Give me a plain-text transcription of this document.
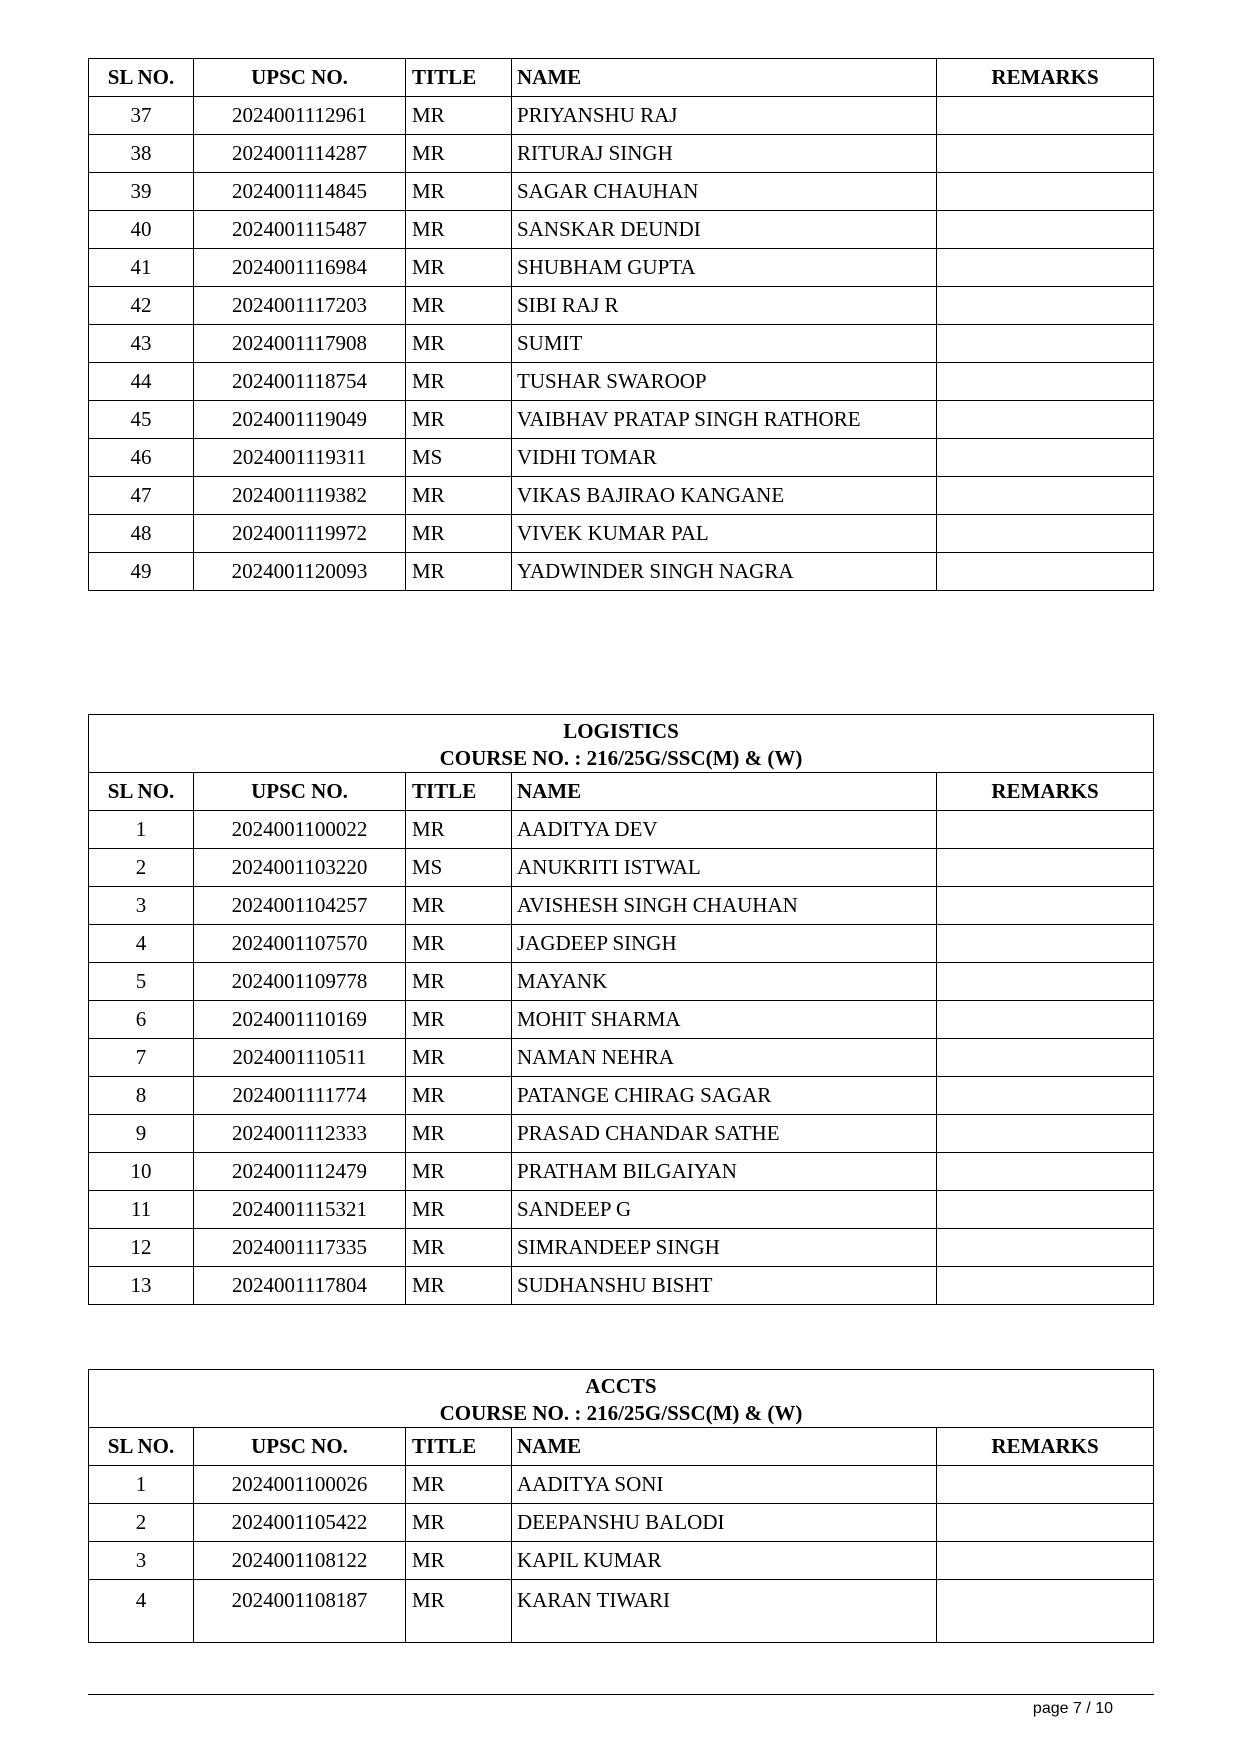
SL NO.	UPSC NO.	TITLE	NAME	REMARKS
37	2024001112961	MR	PRIYANSHU RAJ	
38	2024001114287	MR	RITURAJ SINGH	
39	2024001114845	MR	SAGAR CHAUHAN	
40	2024001115487	MR	SANSKAR DEUNDI	
41	2024001116984	MR	SHUBHAM GUPTA	
42	2024001117203	MR	SIBI RAJ R	
43	2024001117908	MR	SUMIT	
44	2024001118754	MR	TUSHAR SWAROOP	
45	2024001119049	MR	VAIBHAV PRATAP SINGH RATHORE	
46	2024001119311	MS	VIDHI TOMAR	
47	2024001119382	MR	VIKAS BAJIRAO KANGANE	
48	2024001119972	MR	VIVEK KUMAR PAL	
49	2024001120093	MR	YADWINDER SINGH NAGRA	
LOGISTICS
COURSE NO. : 216/25G/SSC(M) & (W)				

SL NO.	UPSC NO.	TITLE	NAME	REMARKS
1	2024001100022	MR	AADITYA DEV	
2	2024001103220	MS	ANUKRITI ISTWAL	
3	2024001104257	MR	AVISHESH SINGH CHAUHAN	
4	2024001107570	MR	JAGDEEP SINGH	
5	2024001109778	MR	MAYANK	
6	2024001110169	MR	MOHIT SHARMA	
7	2024001110511	MR	NAMAN NEHRA	
8	2024001111774	MR	PATANGE CHIRAG SAGAR	
9	2024001112333	MR	PRASAD CHANDAR SATHE	
10	2024001112479	MR	PRATHAM BILGAIYAN	
11	2024001115321	MR	SANDEEP G	
12	2024001117335	MR	SIMRANDEEP SINGH	
13	2024001117804	MR	SUDHANSHU BISHT	
ACCTS
COURSE NO. : 216/25G/SSC(M) & (W)				

SL NO.	UPSC NO.	TITLE	NAME	REMARKS
1	2024001100026	MR	AADITYA SONI	
2	2024001105422	MR	DEEPANSHU BALODI	
3	2024001108122	MR	KAPIL KUMAR	
4	2024001108187	MR	KARAN TIWARI	
page 7 / 10
